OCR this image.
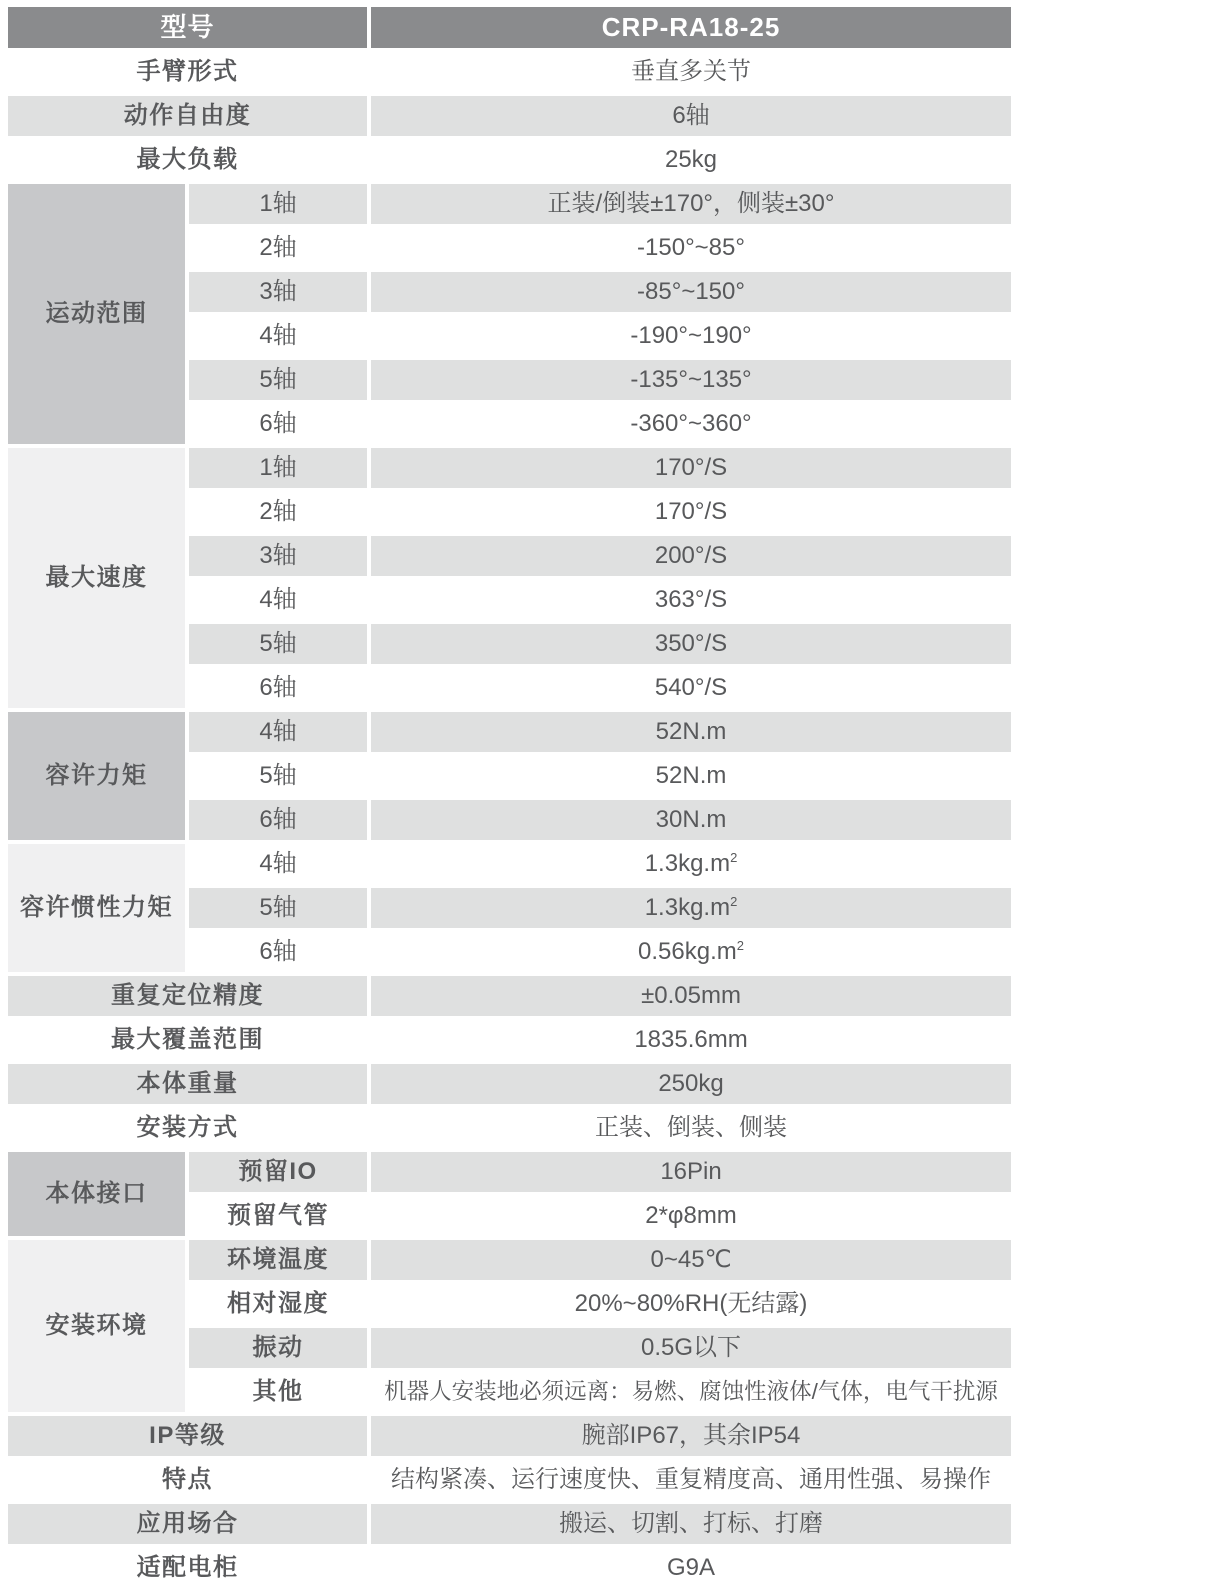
型号		CRP-RA18-25
手臂形式		垂直多关节
动作自由度		6轴
最大负载		25kg
运动范围	1轴	正装/倒装±170°，侧装±30°
	2轴	-150°~85°
	3轴	-85°~150°
	4轴	-190°~190°
	5轴	-135°~135°
	6轴	-360°~360°
最大速度	1轴	170°/S
	2轴	170°/S
	3轴	200°/S
	4轴	363°/S
	5轴	350°/S
	6轴	540°/S
容许力矩	4轴	52N.m
	5轴	52N.m
	6轴	30N.m
容许惯性力矩	4轴	$1.3kg.m^2$
	5轴	$1.3kg.m^2$
	6轴	$0.56kg.m^2$
重复定位精度		±0.05mm
最大覆盖范围		1835.6mm
本体重量		250kg
安装方式		正装、倒装、侧装
本体接口	预留IO	16Pin
	预留气管	2*φ8mm
安装环境	环境温度	0~45℃
	相对湿度	20%~80%RH(无结露)
	振动	0.5G以下
	其他	机器人安装地必须远离：易燃、腐蚀性液体/气体，电气干扰源
IP等级		腕部IP67，其余IP54
特点		结构紧凑、运行速度快、重复精度高、通用性强、易操作
应用场合		搬运、切割、打标、打磨
适配电柜		G9A
